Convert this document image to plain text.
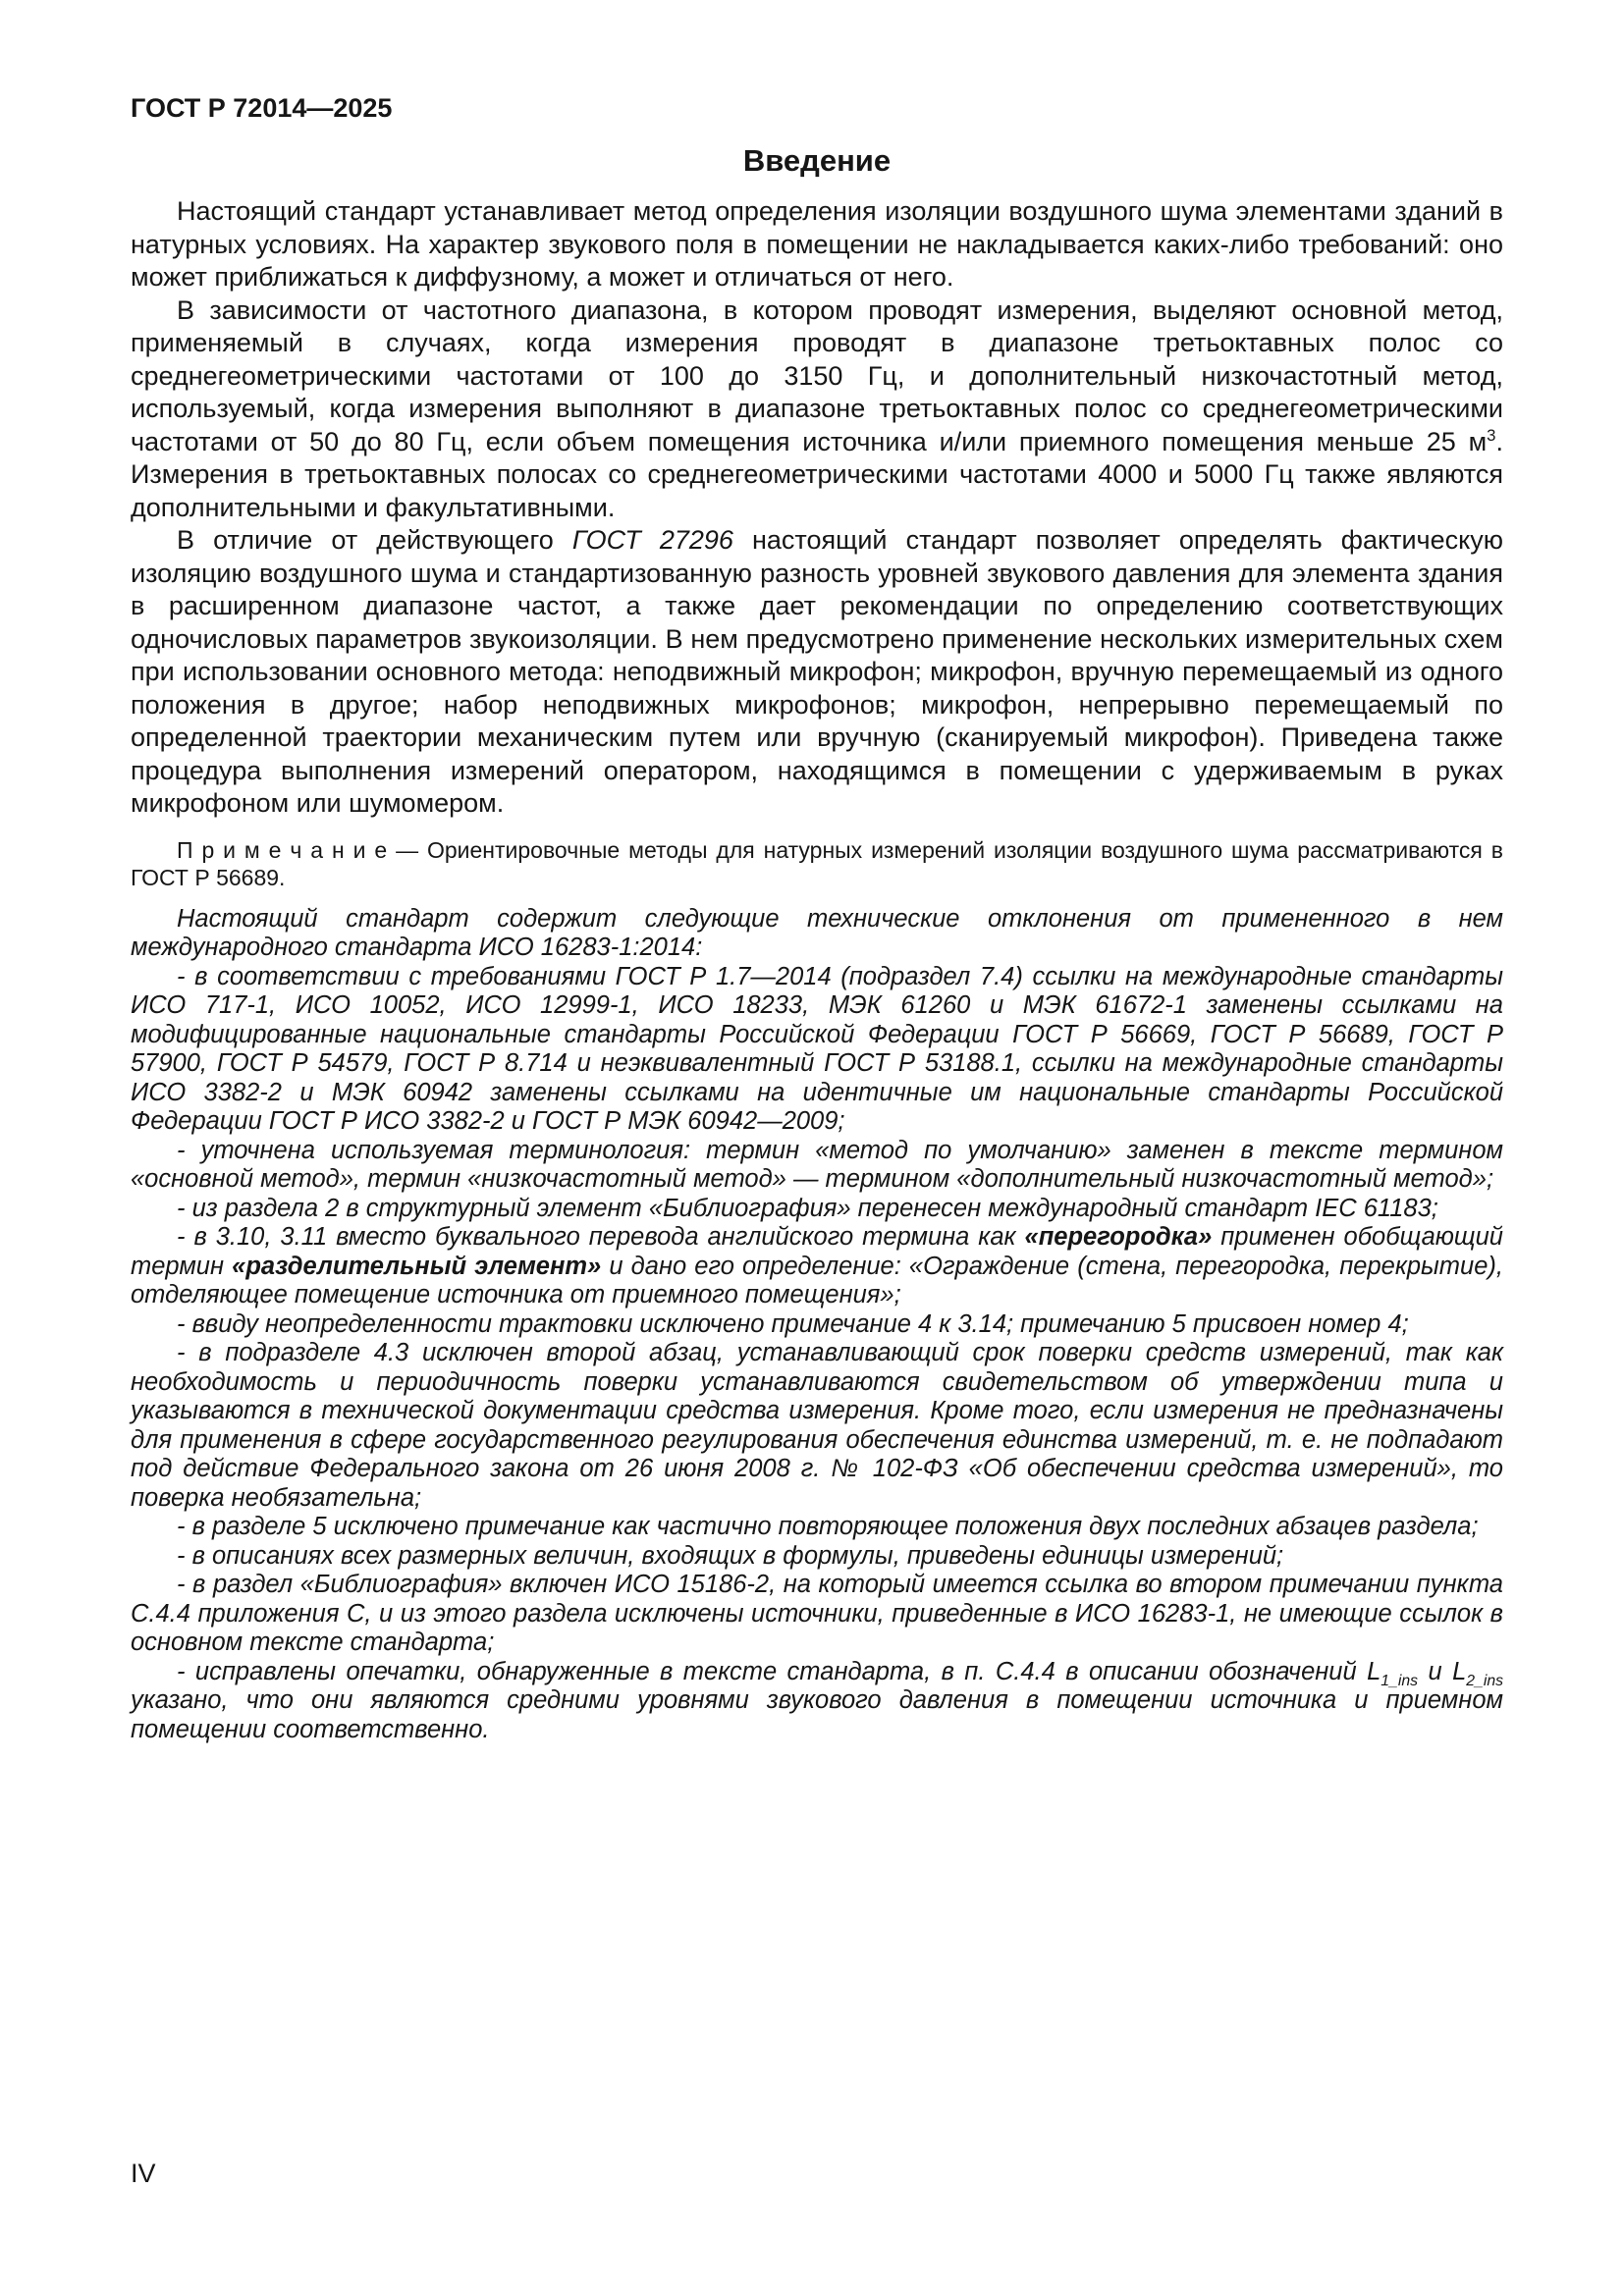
ГОСТ Р 72014—2025
Введение

Настоящий стандарт устанавливает метод определения изоляции воздушного шума элементами зданий в натурных условиях. На характер звукового поля в помещении не накладывается каких-либо требований: оно может приближаться к диффузному, а может и отличаться от него.

В зависимости от частотного диапазона, в котором проводят измерения, выделяют основной метод, применяемый в случаях, когда измерения проводят в диапазоне третьоктавных полос со среднегеометрическими частотами от 100 до 3150 Гц, и дополнительный низкочастотный метод, используемый, когда измерения выполняют в диапазоне третьоктавных полос со среднегеометрическими частотами от 50 до 80 Гц, если объем помещения источника и/или приемного помещения меньше 25 $м^3$. Измерения в третьоктавных полосах со среднегеометрическими частотами 4000 и 5000 Гц также являются дополнительными и факультативными.

В отличие от действующего ГОСТ 27296 настоящий стандарт позволяет определять фактическую изоляцию воздушного шума и стандартизованную разность уровней звукового давления для элемента здания в расширенном диапазоне частот, а также дает рекомендации по определению соответствующих одночисловых параметров звукоизоляции. В нем предусмотрено применение нескольких измерительных схем при использовании основного метода: неподвижный микрофон; микрофон, вручную перемещаемый из одного положения в другое; набор неподвижных микрофонов; микрофон, непрерывно перемещаемый по определенной траектории механическим путем или вручную (сканируемый микрофон). Приведена также процедура выполнения измерений оператором, находящимся в помещении с удерживаемым в руках микрофоном или шумомером.

П р и м е ч а н и е — Ориентировочные методы для натурных измерений изоляции воздушного шума рассматриваются в ГОСТ Р 56689.

Настоящий стандарт содержит следующие технические отклонения от примененного в нем международного стандарта ИСО 16283-1:2014:

- в соответствии с требованиями ГОСТ Р 1.7—2014 (подраздел 7.4) ссылки на международные стандарты ИСО 717-1, ИСО 10052, ИСО 12999-1, ИСО 18233, МЭК 61260 и МЭК 61672-1 заменены ссылками на модифицированные национальные стандарты Российской Федерации ГОСТ Р 56669, ГОСТ Р 56689, ГОСТ Р 57900, ГОСТ Р 54579, ГОСТ Р 8.714 и неэквивалентный ГОСТ Р 53188.1, ссылки на международные стандарты ИСО 3382-2 и МЭК 60942 заменены ссылками на идентичные им национальные стандарты Российской Федерации ГОСТ Р ИСО 3382-2 и ГОСТ Р МЭК 60942—2009;

- уточнена используемая терминология: термин «метод по умолчанию» заменен в тексте термином «основной метод», термин «низкочастотный метод» — термином «дополнительный низкочастотный метод»;

- из раздела 2 в структурный элемент «Библиография» перенесен международный стандарт IEC 61183;

- в 3.10, 3.11 вместо буквального перевода английского термина как «перегородка» применен обобщающий термин «разделительный элемент» и дано его определение: «Ограждение (стена, перегородка, перекрытие), отделяющее помещение источника от приемного помещения»;

- ввиду неопределенности трактовки исключено примечание 4 к 3.14; примечанию 5 присвоен номер 4;

- в подразделе 4.3 исключен второй абзац, устанавливающий срок поверки средств измерений, так как необходимость и периодичность поверки устанавливаются свидетельством об утверждении типа и указываются в технической документации средства измерения. Кроме того, если измерения не предназначены для применения в сфере государственного регулирования обеспечения единства измерений, т. е. не подпадают под действие Федерального закона от 26 июня 2008 г. № 102-ФЗ «Об обеспечении средства измерений», то поверка необязательна;

- в разделе 5 исключено примечание как частично повторяющее положения двух последних абзацев раздела;

- в описаниях всех размерных величин, входящих в формулы, приведены единицы измерений;

- в раздел «Библиография» включен ИСО 15186-2, на который имеется ссылка во втором примечании пункта С.4.4 приложения С, и из этого раздела исключены источники, приведенные в ИСО 16283-1, не имеющие ссылок в основном тексте стандарта;

- исправлены опечатки, обнаруженные в тексте стандарта, в п. С.4.4 в описании обозначений $L_{1\_ins}$ и $L_{2\_ins}$ указано, что они являются средними уровнями звукового давления в помещении источника и приемном помещении соответственно.

IV
